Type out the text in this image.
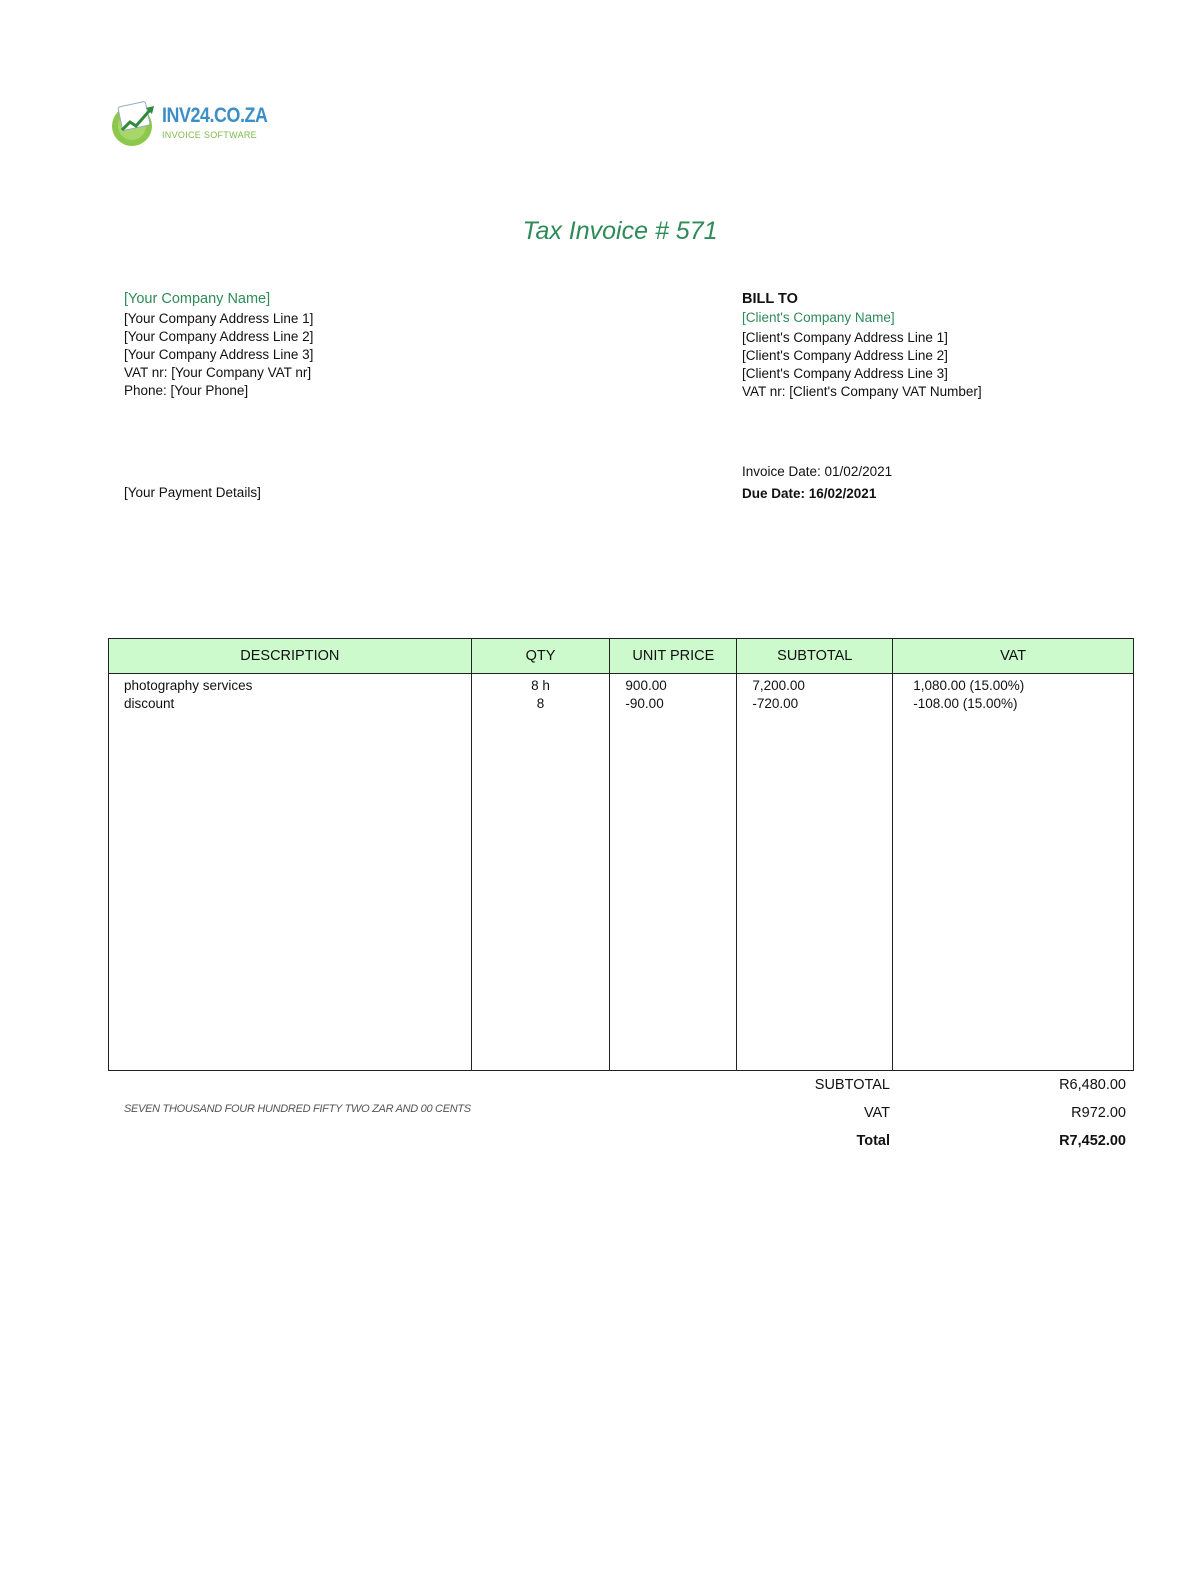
INV24.CO.ZA
INVOICE SOFTWARE
Tax Invoice # 571
[Your Company Name]
[Your Company Address Line 1]
[Your Company Address Line 2]
[Your Company Address Line 3]
VAT nr: [Your Company VAT nr]
Phone: [Your Phone]
BILL TO
[Client's Company Name]
[Client's Company Address Line 1]
[Client's Company Address Line 2]
[Client's Company Address Line 3]
VAT nr: [Client's Company VAT Number]
[Your Payment Details]
Invoice Date: 01/02/2021
Due Date: 16/02/2021
DESCRIPTION	QTY	UNIT PRICE	SUBTOTAL	VAT
photography services	8 h	900.00	7,200.00	1,080.00 (15.00%)
discount	8	-90.00	-720.00	-108.00 (15.00%)

SEVEN THOUSAND FOUR HUNDRED FIFTY TWO ZAR AND 00 CENTS
SUBTOTAL	R6,480.00
VAT	R972.00
Total	R7,452.00
